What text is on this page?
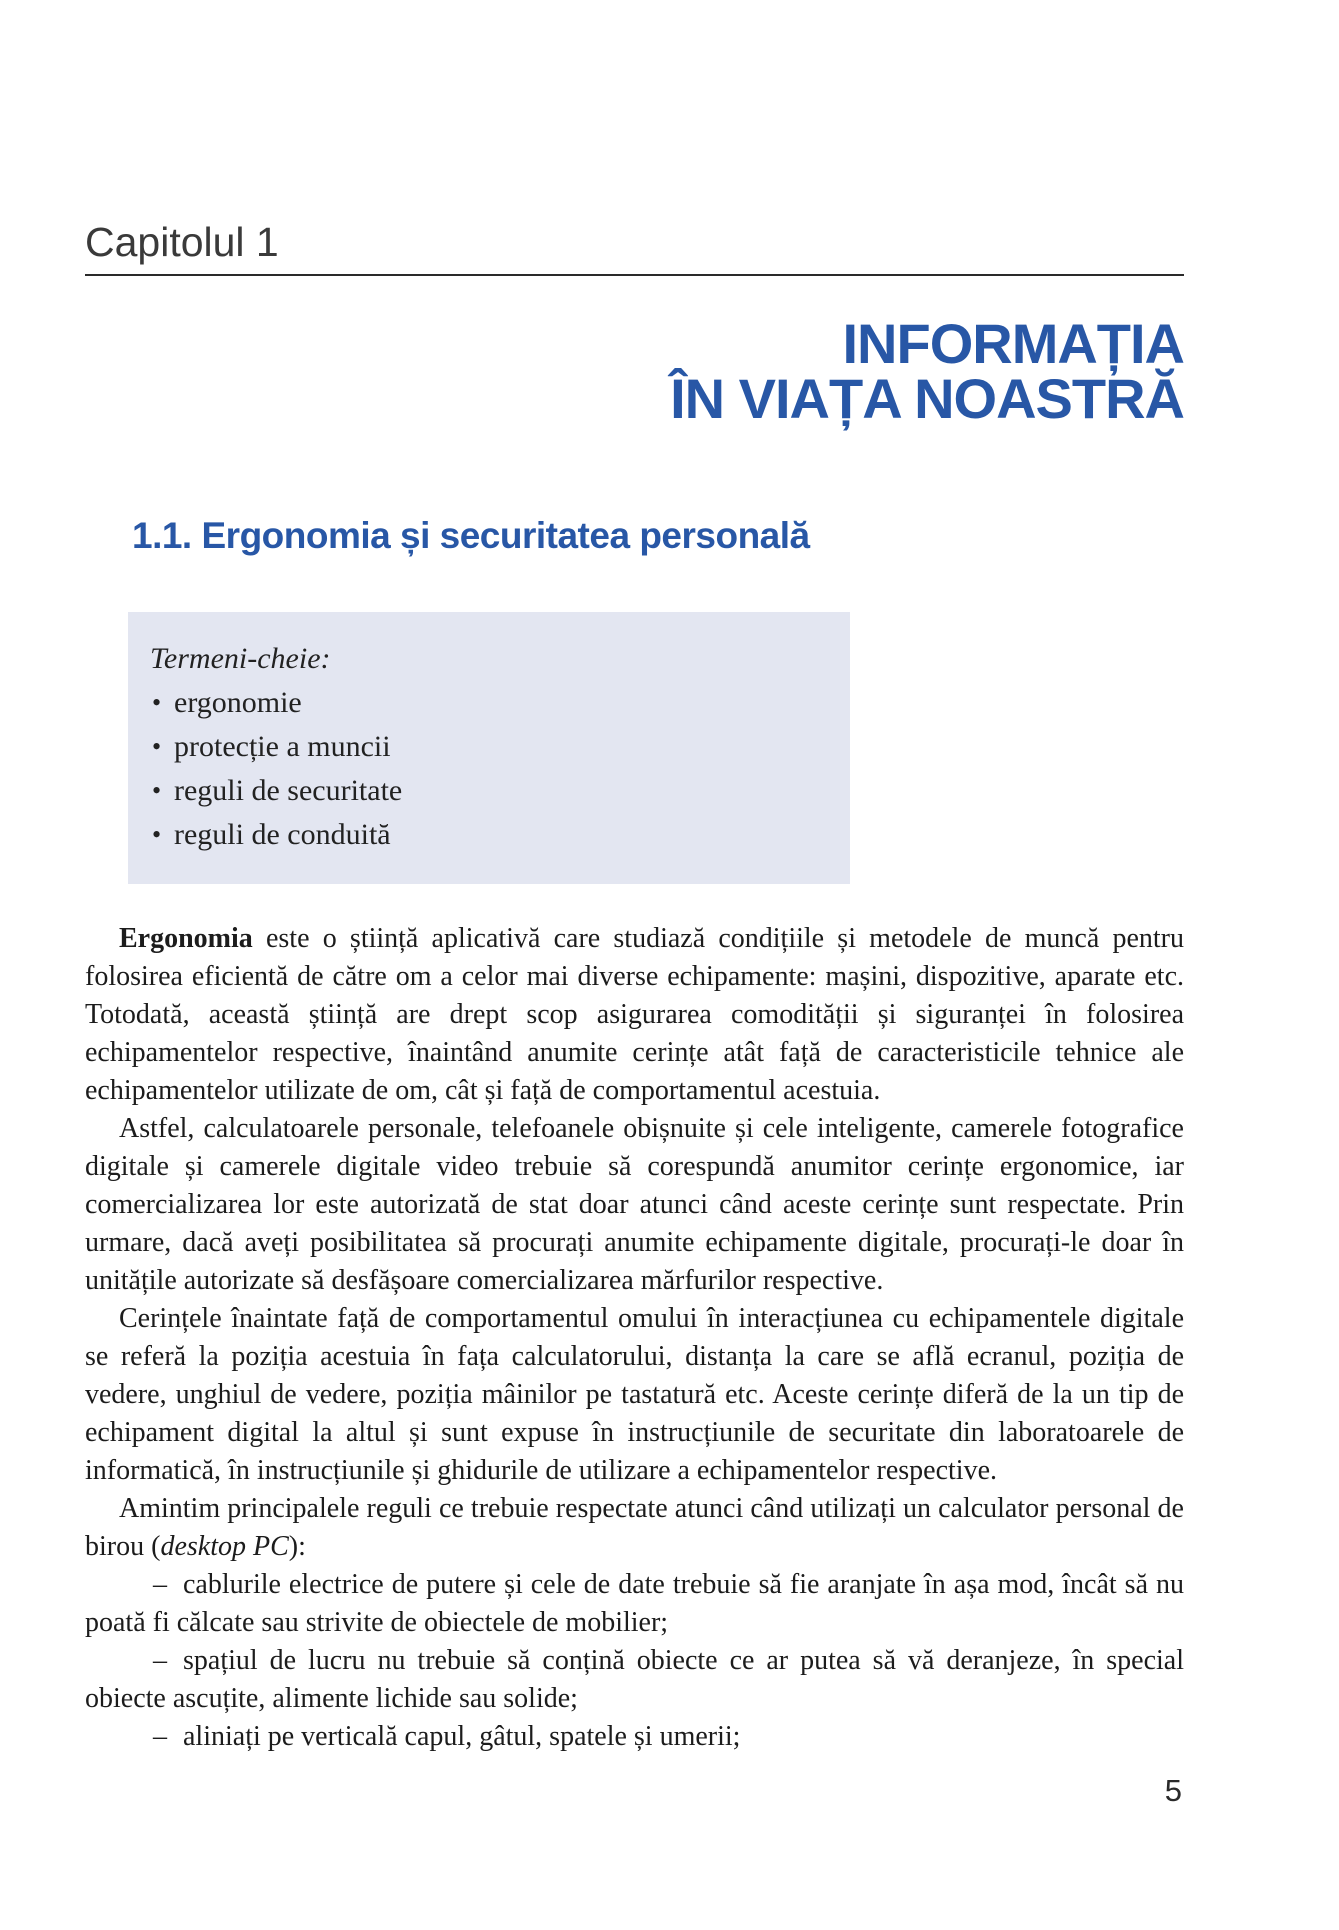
Capitolul 1
INFORMAȚIA
ÎN VIAȚA NOASTRĂ
1.1. Ergonomia și securitatea personală

Termeni-cheie:

• ergonomie
• protecție a muncii
• reguli de securitate
• reguli de conduită

Ergonomia este o știință aplicativă care studiază condițiile și metodele de muncă pentru folosirea eficientă de către om a celor mai diverse echipamente: mașini, dispozitive, aparate etc. Totodată, această știință are drept scop asigurarea comodității și siguranței în folosirea echipamentelor respective, înaintând anumite cerințe atât față de caracteristicile tehnice ale echipamentelor utilizate de om, cât și față de comportamentul acestuia.

Astfel, calculatoarele personale, telefoanele obișnuite și cele inteligente, camerele fotografice digitale și camerele digitale video trebuie să corespundă anumitor cerințe ergonomice, iar comercializarea lor este autorizată de stat doar atunci când aceste cerințe sunt respectate. Prin urmare, dacă aveți posibilitatea să procurați anumite echipamente digitale, procurați-le doar în unitățile autorizate să desfășoare comercializarea mărfurilor respective.

Cerințele înaintate față de comportamentul omului în interacțiunea cu echipamentele digitale se referă la poziția acestuia în fața calculatorului, distanța la care se află ecranul, poziția de vedere, unghiul de vedere, poziția mâinilor pe tastatură etc. Aceste cerințe diferă de la un tip de echipament digital la altul și sunt expuse în instrucțiunile de securitate din laboratoarele de informatică, în instrucțiunile și ghidurile de utilizare a echipamentelor respective.

Amintim principalele reguli ce trebuie respectate atunci când utilizați un calculator personal de birou (desktop PC):

– cablurile electrice de putere și cele de date trebuie să fie aranjate în așa mod, încât să nu poată fi călcate sau strivite de obiectele de mobilier;

– spațiul de lucru nu trebuie să conțină obiecte ce ar putea să vă deranjeze, în special obiecte ascuțite, alimente lichide sau solide;

– aliniați pe verticală capul, gâtul, spatele și umerii;

5
